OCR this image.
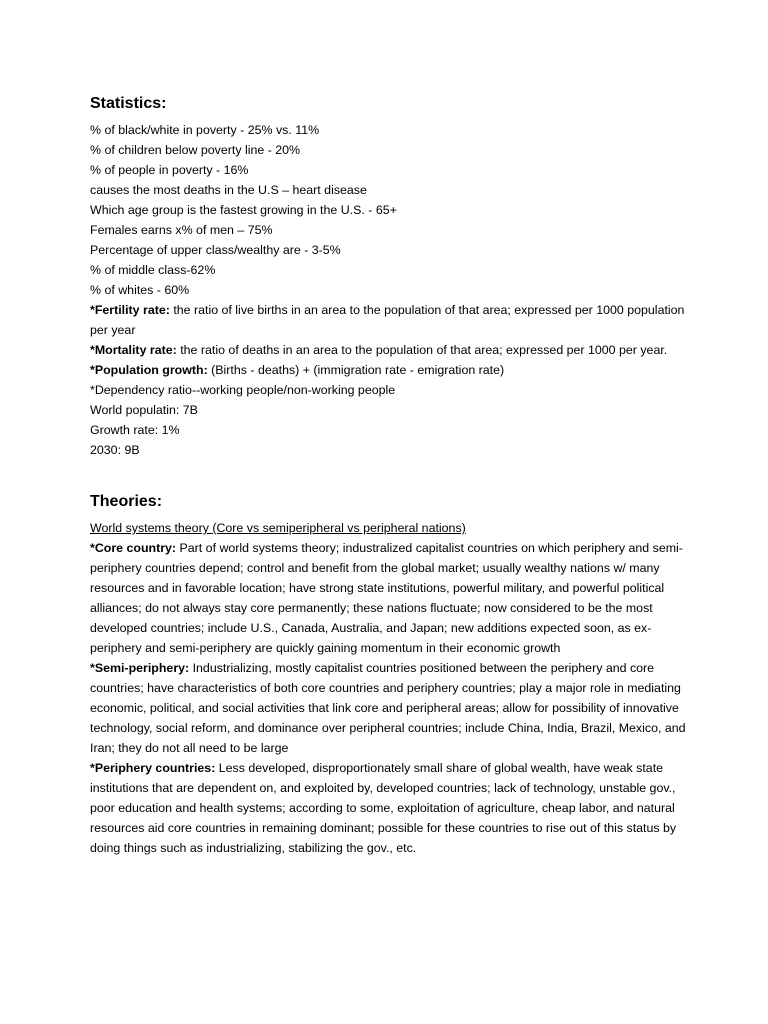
Statistics:

% of black/white in poverty - 25% vs. 11%

% of children below poverty line - 20%

% of people in poverty - 16%

causes the most deaths in the U.S – heart disease

Which age group is the fastest growing in the U.S. - 65+

Females earns x% of men – 75%

Percentage of upper class/wealthy are - 3-5%

% of middle class-62%

% of whites - 60%

*Fertility rate: the ratio of live births in an area to the population of that area; expressed per 1000 population per year

*Mortality rate: the ratio of deaths in an area to the population of that area; expressed per 1000 per year.

*Population growth: (Births - deaths) + (immigration rate - emigration rate)

*Dependency ratio--working people/non-working people

World populatin: 7B

Growth rate: 1%

2030: 9B

Theories:

World systems theory (Core vs semiperipheral vs peripheral nations)

*Core country: Part of world systems theory; industralized capitalist countries on which periphery and semi-periphery countries depend; control and benefit from the global market; usually wealthy nations w/ many resources and in favorable location; have strong state institutions, powerful military, and powerful political alliances; do not always stay core permanently; these nations fluctuate; now considered to be the most developed countries; include U.S., Canada, Australia, and Japan; new additions expected soon, as ex-periphery and semi-periphery are quickly gaining momentum in their economic growth

*Semi-periphery: Industrializing, mostly capitalist countries positioned between the periphery and core countries; have characteristics of both core countries and periphery countries; play a major role in mediating economic, political, and social activities that link core and peripheral areas; allow for possibility of innovative technology, social reform, and dominance over peripheral countries; include China, India, Brazil, Mexico, and Iran; they do not all need to be large

*Periphery countries: Less developed, disproportionately small share of global wealth, have weak state institutions that are dependent on, and exploited by, developed countries; lack of technology, unstable gov., poor education and health systems; according to some, exploitation of agriculture, cheap labor, and natural resources aid core countries in remaining dominant; possible for these countries to rise out of this status by doing things such as industrializing, stabilizing the gov., etc.
